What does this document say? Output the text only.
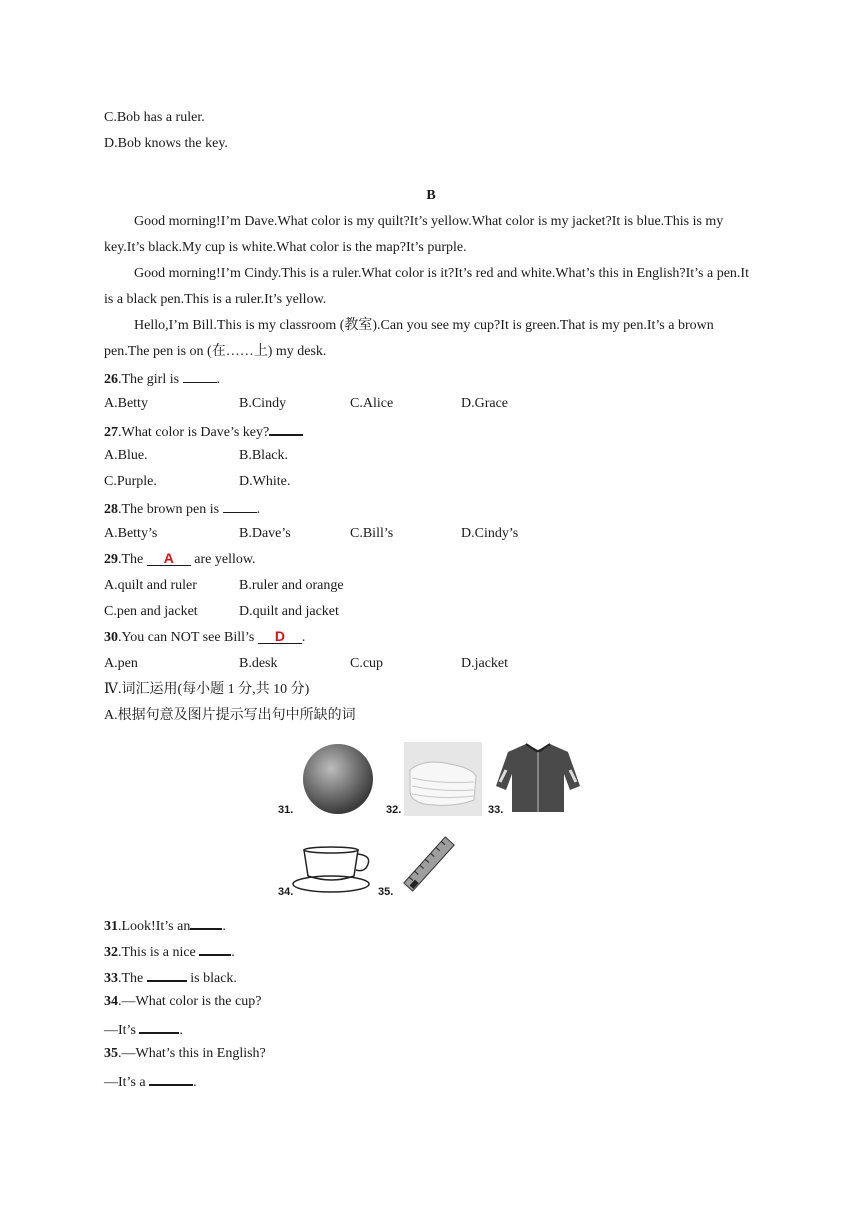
C.Bob has a ruler.
D.Bob knows the key.
B
Good morning!I’m Dave.What color is my quilt?It’s yellow.What color is my jacket?It is blue.This is my key.It’s black.My cup is white.What color is the map?It’s purple.
Good morning!I’m Cindy.This is a ruler.What color is it?It’s red and white.What’s this in English?It’s a pen.It is a black pen.This is a ruler.It’s yellow.
Hello,I’m Bill.This is my classroom (教室).Can you see my cup?It is green.That is my pen.It’s a brown pen.The pen is on (在……上) my desk.
26.The girl is .
A.Betty	B.Cindy	C.Alice	D.Grace
27.What color is Dave’s key?
A.Blue.	B.Black.
C.Purple.	D.White.
28.The brown pen is .
A.Betty’s	B.Dave’s	C.Bill’s	D.Cindy’s
29.The A are yellow.
A.quilt and ruler	B.ruler and orange
C.pen and jacket	D.quilt and jacket
30.You can NOT see Bill’s D .
A.pen	B.desk	C.cup	D.jacket
Ⅳ.词汇运用(每小题 1 分,共 10 分)
A.根据句意及图片提示写出句中所缺的词
31.	32.	33.
34.	35.
31.Look!It’s an .
32.This is a nice .
33.The	is black.
34.—What color is the cup?
—It’s	.
35.—What’s this in English?
—It’s a	.
